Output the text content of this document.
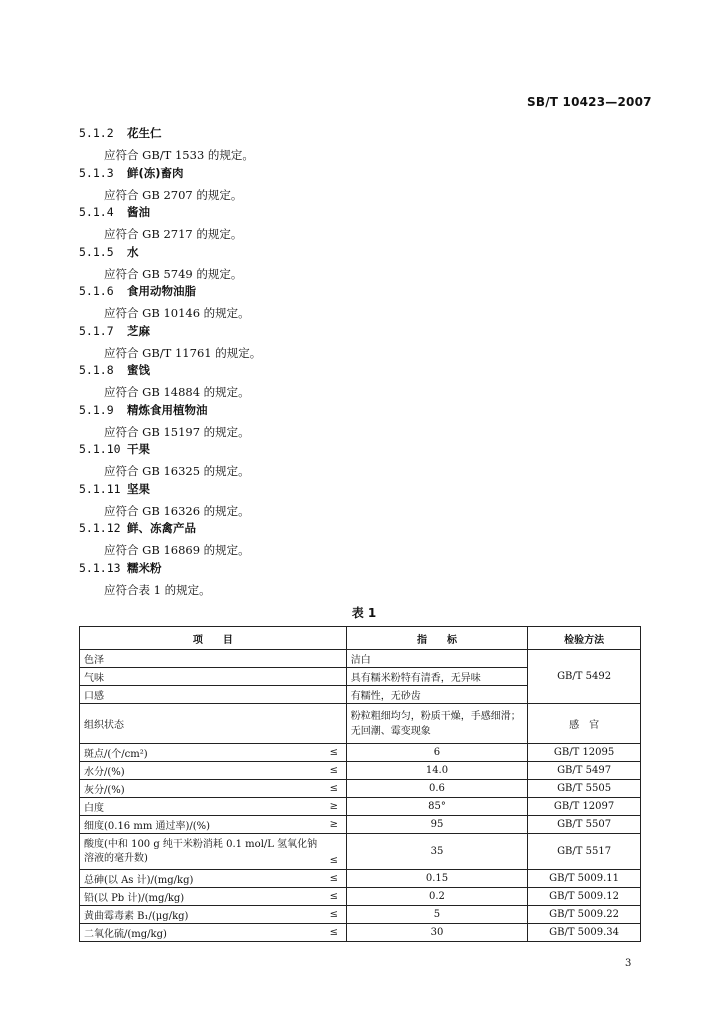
SB/T 10423—2007
5.1.2 花生仁
应符合 GB/T 1533 的规定。
5.1.3 鲜(冻)畜肉
应符合 GB 2707 的规定。
5.1.4 酱油
应符合 GB 2717 的规定。
5.1.5 水
应符合 GB 5749 的规定。
5.1.6 食用动物油脂
应符合 GB 10146 的规定。
5.1.7 芝麻
应符合 GB/T 11761 的规定。
5.1.8 蜜饯
应符合 GB 14884 的规定。
5.1.9 精炼食用植物油
应符合 GB 15197 的规定。
5.1.10 干果
应符合 GB 16325 的规定。
5.1.11 坚果
应符合 GB 16326 的规定。
5.1.12 鲜、冻禽产品
应符合 GB 16869 的规定。
5.1.13 糯米粉
应符合表 1 的规定。
表 1
项　　目	指　　标	检验方法
色泽	洁白	GB/T 5492
气味	具有糯米粉特有清香，无异味	
口感	有糯性，无砂齿	
组织状态	粉粒粗细均匀，粉质干燥，手感细滑；无回潮、霉变现象	感　官

斑点/(个/cm²) ≤	6	GB/T 12095

水分/(%) ≤	14.0	GB/T 5497

灰分/(%) ≤	0.6	GB/T 5505

白度 ≥	85°	GB/T 12097

细度(0.16 mm 通过率)/(%) ≥	95	GB/T 5507

酸度(中和 100 g 纯干米粉消耗 0.1 mol/L 氢氧化钠溶液的毫升数) ≤	35	GB/T 5517

总砷(以 As 计)/(mg/kg) ≤	0.15	GB/T 5009.11

铅(以 Pb 计)/(mg/kg) ≤	0.2	GB/T 5009.12

黄曲霉毒素 B₁/(μg/kg) ≤	5	GB/T 5009.22

二氧化硫/(mg/kg) ≤	30	GB/T 5009.34
3
